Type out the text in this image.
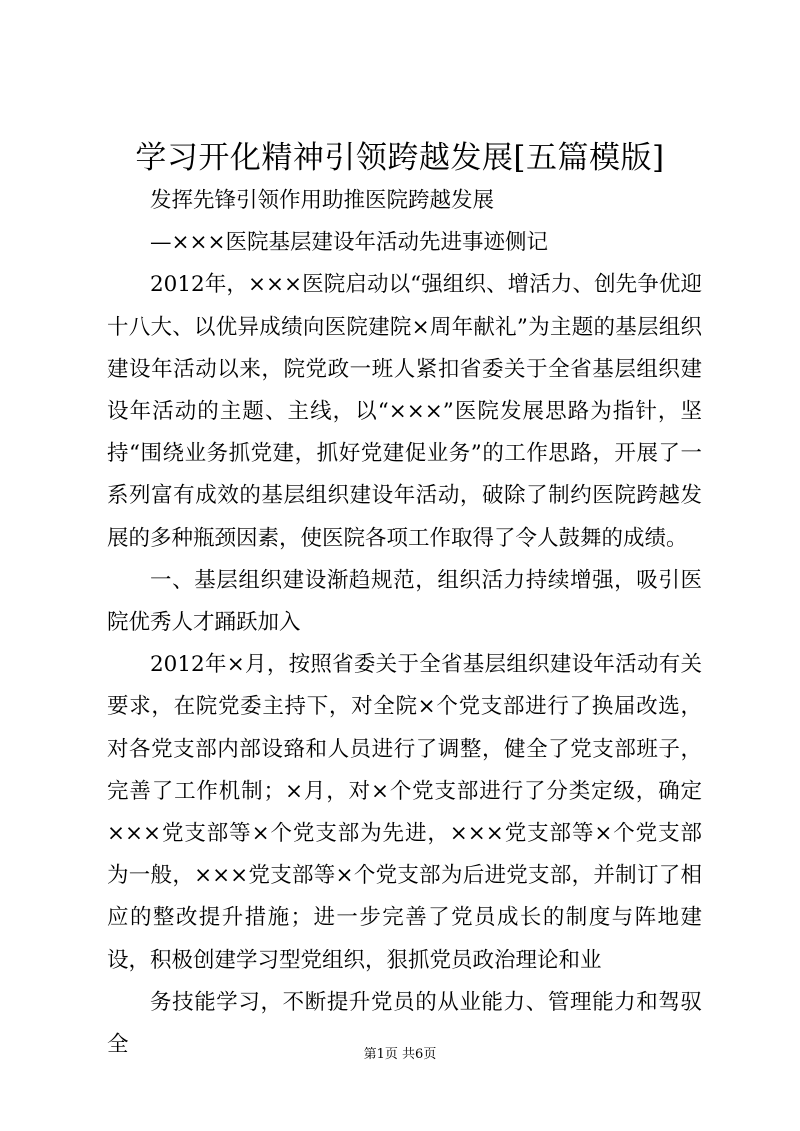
学习开化精神引领跨越发展[五篇模版]

发挥先锋引领作用助推医院跨越发展

—×××医院基层建设年活动先进事迹侧记

2012年，×××医院启动以“强组织、增活力、创先争优迎十八大、以优异成绩向医院建院×周年献礼”为主题的基层组织建设年活动以来，院党政一班人紧扣省委关于全省基层组织建设年活动的主题、主线，以“×××”医院发展思路为指针，坚持“围绕业务抓党建，抓好党建促业务”的工作思路，开展了一系列富有成效的基层组织建设年活动，破除了制约医院跨越发展的多种瓶颈因素，使医院各项工作取得了令人鼓舞的成绩。

一、基层组织建设渐趋规范，组织活力持续增强，吸引医院优秀人才踊跃加入

2012年×月，按照省委关于全省基层组织建设年活动有关要求，在院党委主持下，对全院×个党支部进行了换届改选，对各党支部内部设臵和人员进行了调整，健全了党支部班子，完善了工作机制；×月，对×个党支部进行了分类定级，确定×××党支部等×个党支部为先进，×××党支部等×个党支部为一般，×××党支部等×个党支部为后进党支部，并制订了相应的整改提升措施；进一步完善了党员成长的制度与阵地建设，积极创建学习型党组织，狠抓党员政治理论和业

务技能学习，不断提升党员的从业能力、管理能力和驾驭全	第1页 共6页
